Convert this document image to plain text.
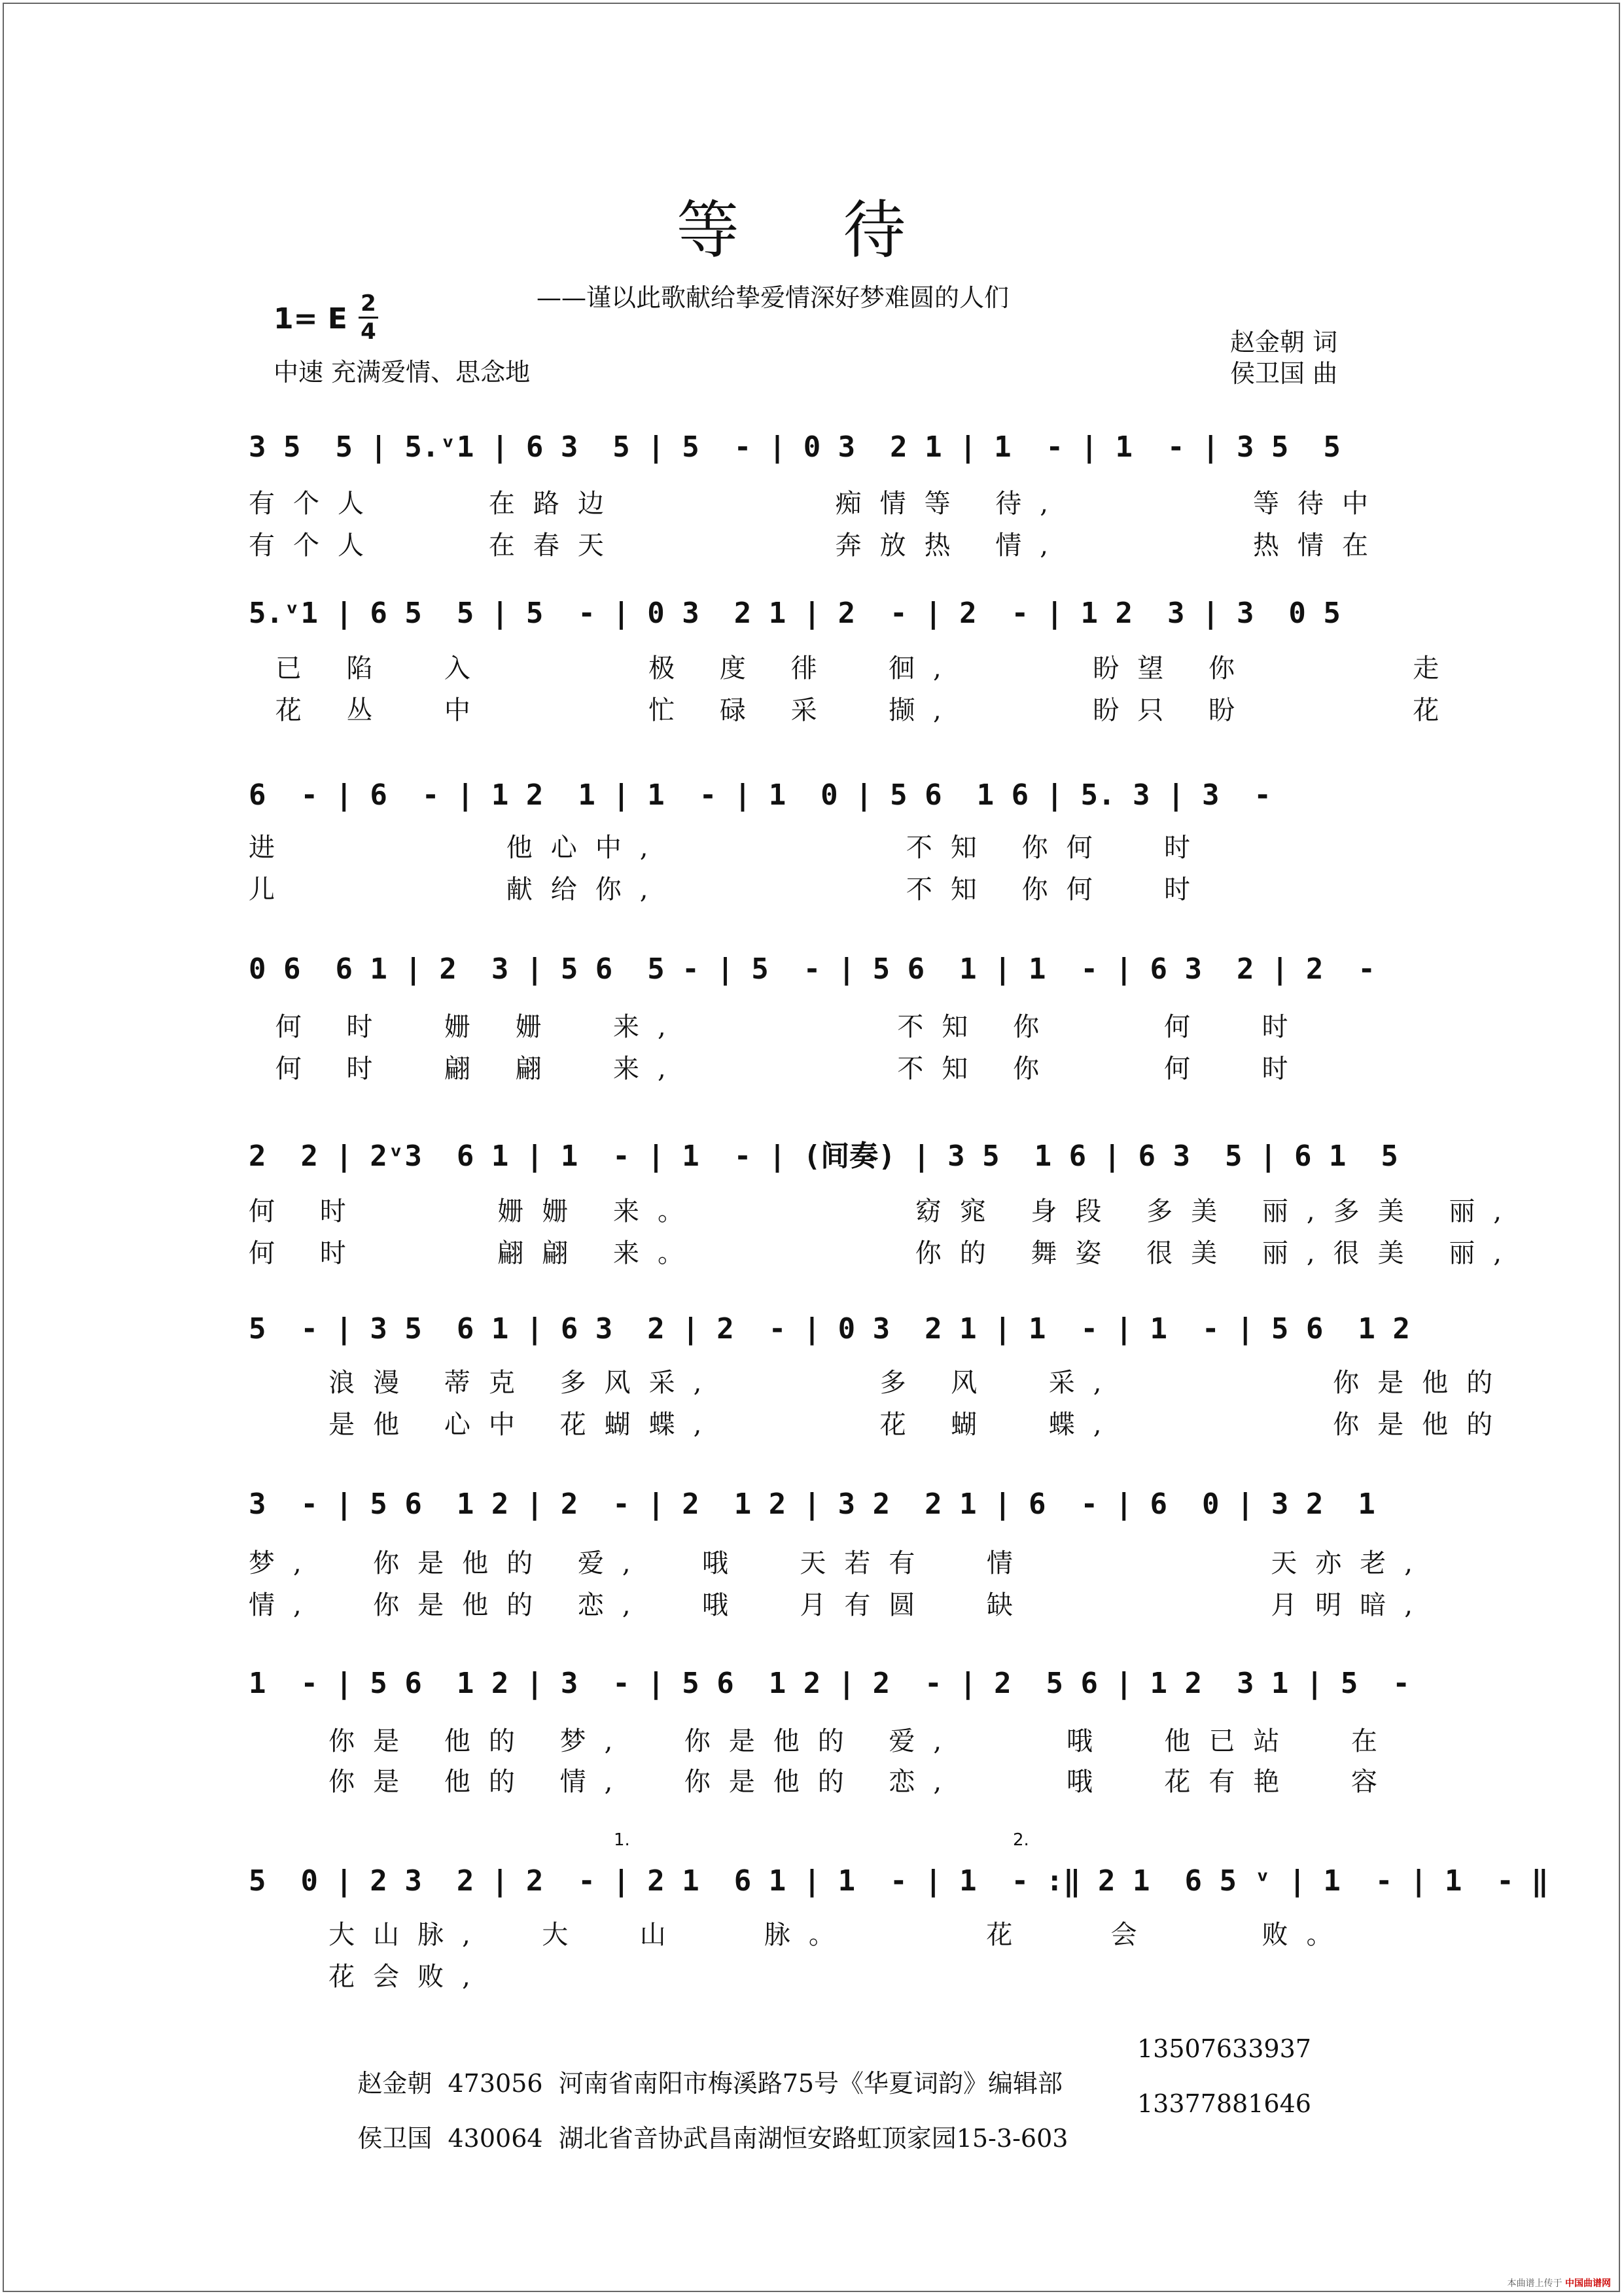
等 待
——谨以此歌献给挚爱情深好梦难圆的人们
1= E 2
4
中速 充满爱情、思念地
赵金朝 词
侯卫国 曲
3 5  5 | 5.ᵛ1 | 6 3  5 | 5  - | 0 3  2 1 | 1  - | 1  - | 3 5  5
有个人    在路边        痴情等 待,       等待中
有个人    在春天        奔放热 情,       热情在
5.ᵛ1 | 6 5  5 | 5  - | 0 3  2 1 | 2  - | 2  - | 1 2  3 | 3  0 5
已 陷  入      极 度 徘  徊,     盼望 你      走
花 丛  中      忙 碌 采  撷,     盼只 盼      花
6  - | 6  - | 1 2  1 | 1  - | 1  0 | 5 6  1 6 | 5. 3 | 3  -
进        他心中,         不知 你何  时
儿        献给你,         不知 你何  时
0 6  6 1 | 2  3 | 5 6  5 - | 5  - | 5 6  1 | 1  - | 6 3  2 | 2  -
何 时  姗 姗  来,        不知 你    何  时
何 时  翩 翩  来,        不知 你    何  时
2  2 | 2ᵛ3  6 1 | 1  - | 1  - | (间奏) | 3 5  1 6 | 6 3  5 | 6 1  5
何 时     姗姗 来。        窈窕 身段 多美 丽,多美 丽,
何 时     翩翩 来。        你的 舞姿 很美 丽,很美 丽,
5  - | 3 5  6 1 | 6 3  2 | 2  - | 0 3  2 1 | 1  - | 1  - | 5 6  1 2
浪漫 蒂克 多风采,      多 风  采,        你是他的
是他 心中 花蝴蝶,      花 蝴  蝶,        你是他的
3  - | 5 6  1 2 | 2  - | 2  1 2 | 3 2  2 1 | 6  - | 6  0 | 3 2  1
梦,  你是他的 爱,  哦  天若有  情         天亦老,
情,  你是他的 恋,  哦  月有圆  缺         月明暗,
1  - | 5 6  1 2 | 3  - | 5 6  1 2 | 2  - | 2  5 6 | 1 2  3 1 | 5  -
你是 他的 梦,  你是他的 爱,    哦  他已站  在
你是 他的 情,  你是他的 恋,    哦  花有艳  容
1.	2.
5  0 | 2 3  2 | 2  - | 2 1  6 1 | 1  - | 1  - :‖ 2 1  6 5 ᵛ | 1  - | 1  - ‖
大山脉,  大  山   脉。     花   会    败。
花会败,

赵金朝  473056  河南省南阳市梅溪路75号《华夏词韵》编辑部

13507633937

侯卫国  430064  湖北省音协武昌南湖恒安路虹顶家园15-3-603

13377881646

本曲谱上传于 中国曲谱网
